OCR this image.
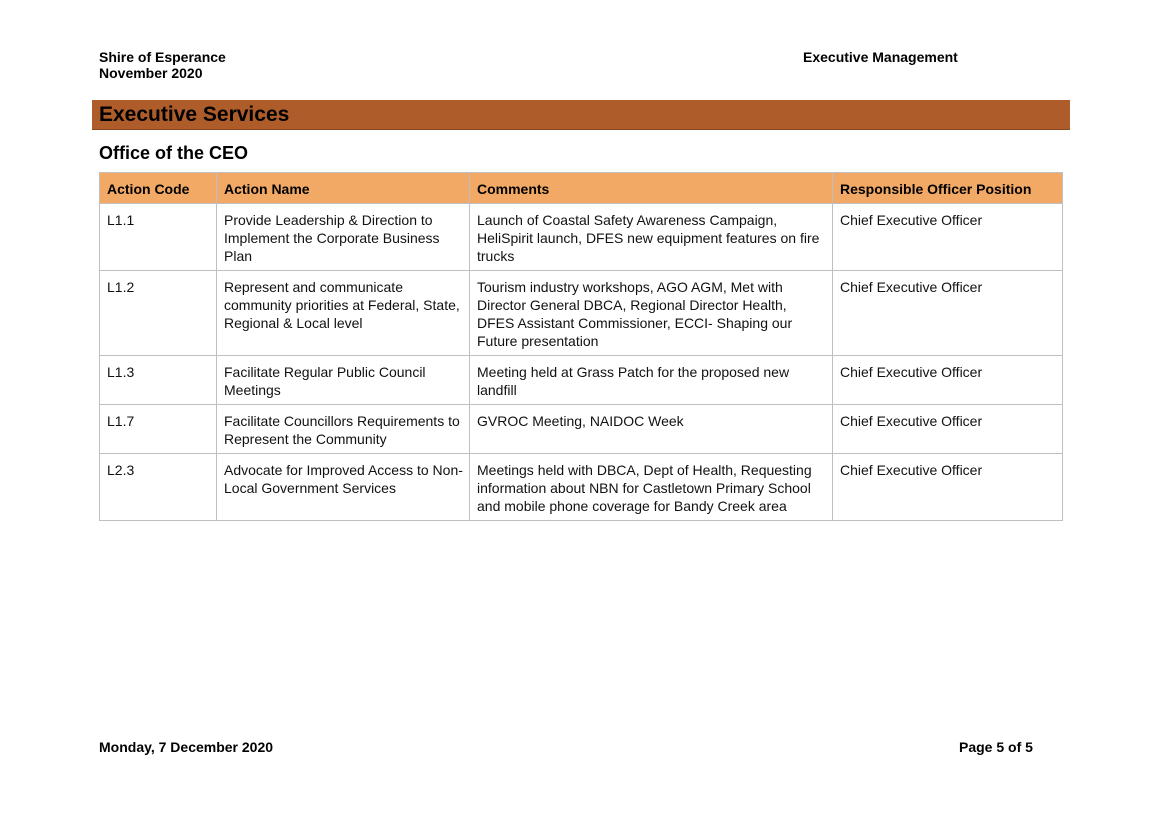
Shire of Esperance
November 2020
Executive Management
Executive Services
Office of the CEO
Action Code	Action Name	Comments	Responsible Officer Position
L1.1	Provide Leadership & Direction to Implement the Corporate Business Plan	Launch of Coastal Safety Awareness Campaign, HeliSpirit launch, DFES new equipment features on fire trucks	Chief Executive Officer
L1.2	Represent and communicate community priorities at Federal, State, Regional & Local level	Tourism industry workshops, AGO AGM, Met with Director General DBCA, Regional Director Health, DFES Assistant Commissioner, ECCI- Shaping our Future presentation	Chief Executive Officer
L1.3	Facilitate Regular Public Council Meetings	Meeting held at Grass Patch for the proposed new landfill	Chief Executive Officer
L1.7	Facilitate Councillors Requirements to Represent the Community	GVROC Meeting, NAIDOC Week	Chief Executive Officer
L2.3	Advocate for Improved Access to Non-Local Government Services	Meetings held with DBCA, Dept of Health, Requesting information about NBN for Castletown Primary School and mobile phone coverage for Bandy Creek area	Chief Executive Officer
Monday, 7 December 2020	Page 5 of 5
